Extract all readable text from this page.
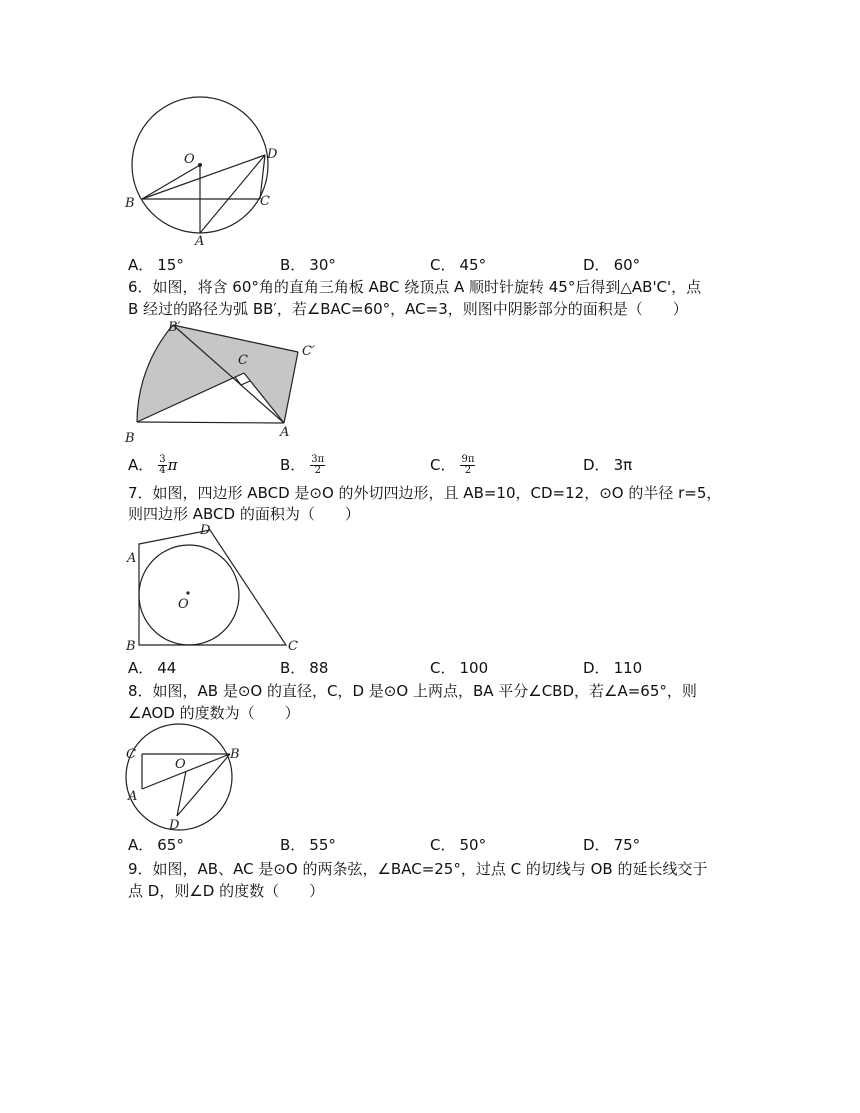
O	D
B	C
A
A． 15°	B． 30°	C． 45°	D． 60°
6．如图，将含 60°角的直角三角板 ABC 绕顶点 A 顺时针旋转 45°后得到△AB'C'，点
B 经过的路径为弧 BB′，若∠BAC=60°，AC=3，则图中阴影部分的面积是（　　）
B′
C′
C
B	A
A． $\frac{3}{4}$ π	B． $\frac{3\pi}{2}$	C． $\frac{9\pi}{2}$	D． 3π
7．如图，四边形 ABCD 是⊙O 的外切四边形，且 AB=10，CD=12，⊙O 的半径 r=5，
则四边形 ABCD 的面积为（　　）
A
D
O
B	C
A． 44	B． 88	C． 100	D． 110
8．如图，AB 是⊙O 的直径，C，D 是⊙O 上两点，BA 平分∠CBD，若∠A=65°，则
∠AOD 的度数为（　　）
C
O
B
A
D
A． 65°	B． 55°	C． 50°	D． 75°
9．如图，AB、AC 是⊙O 的两条弦，∠BAC=25°，过点 C 的切线与 OB 的延长线交于
点 D，则∠D 的度数（　　）
